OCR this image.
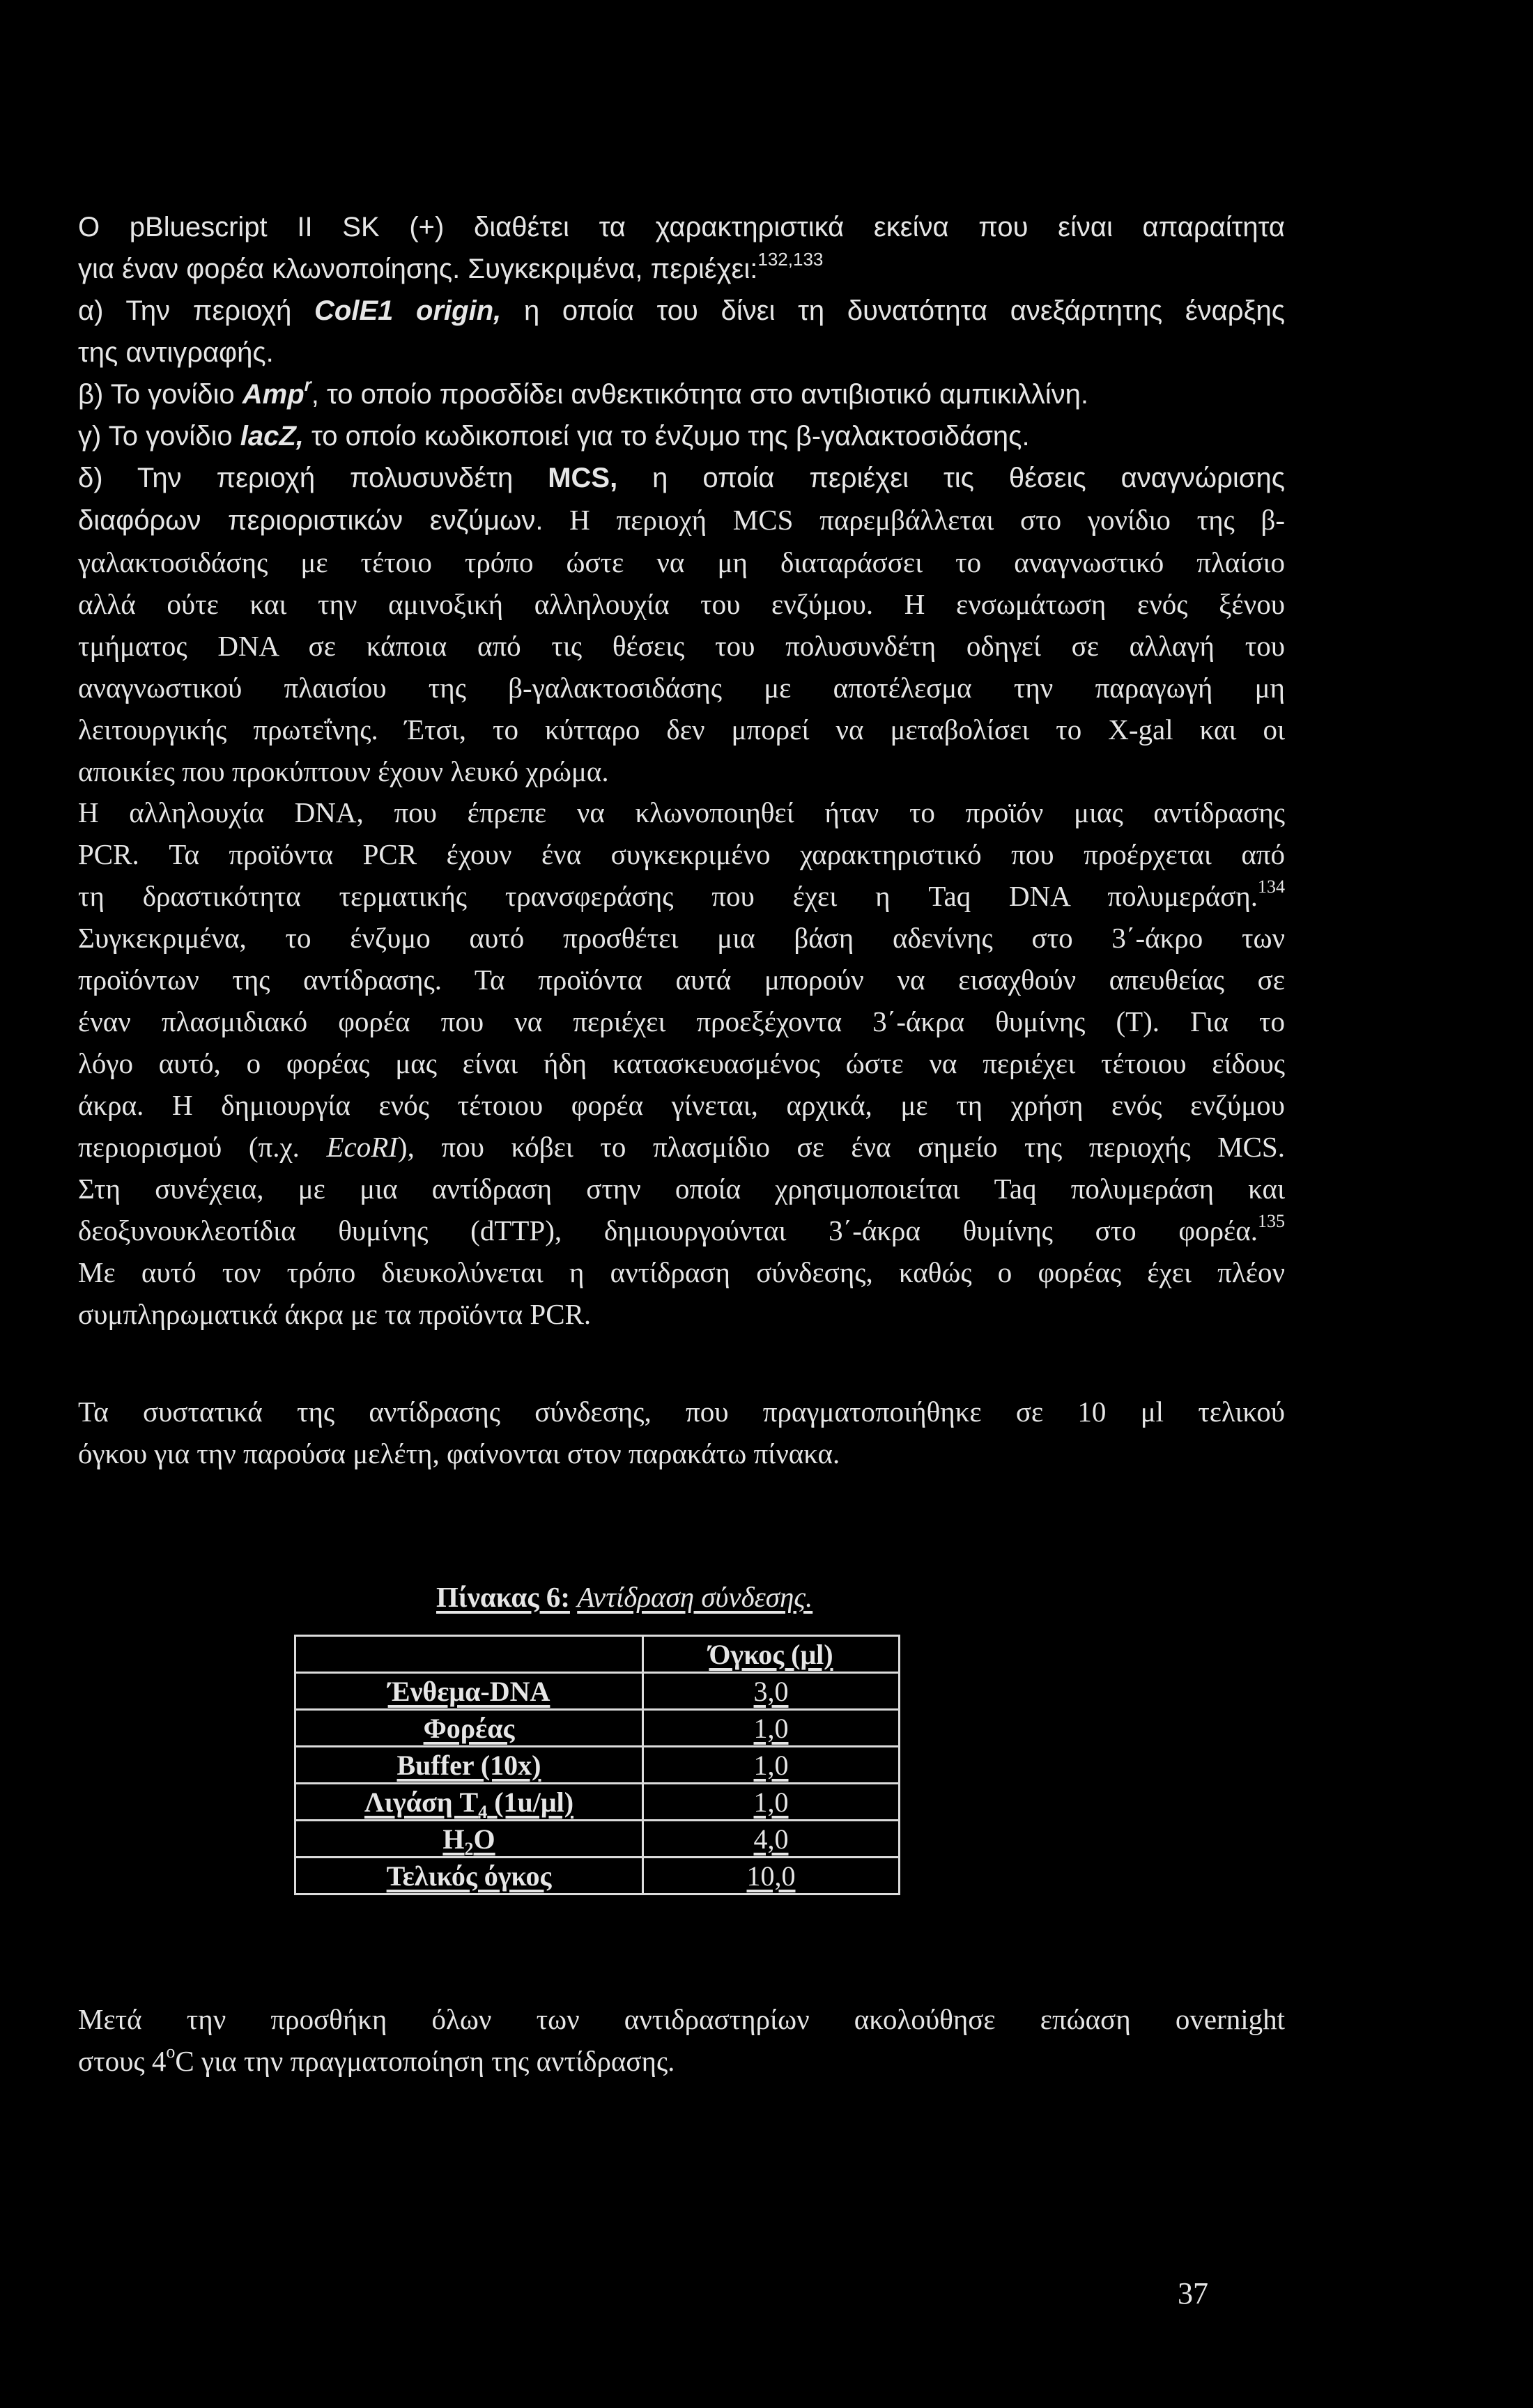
Ο pBluescript II SK (+) διαθέτει τα χαρακτηριστικά εκείνα που είναι απαραίτητα
για έναν φορέα κλωνοποίησης. Συγκεκριμένα, περιέχει:$^{132,133}$
α) Την περιοχή ColE1 origin, η οποία του δίνει τη δυνατότητα ανεξάρτητης έναρξης
της αντιγραφής.
β) Το γονίδιο Amp$^r$, το οποίο προσδίδει ανθεκτικότητα στο αντιβιοτικό αμπικιλλίνη.
γ) Το γονίδιο lacZ, το οποίο κωδικοποιεί για το ένζυμο της β-γαλακτοσιδάσης.
δ) Την περιοχή πολυσυνδέτη MCS, η οποία περιέχει τις θέσεις αναγνώρισης
διαφόρων περιοριστικών ενζύμων. Η περιοχή MCS παρεμβάλλεται στο γονίδιο της β-
γαλακτοσιδάσης με τέτοιο τρόπο ώστε να μη διαταράσσει το αναγνωστικό πλαίσιο
αλλά ούτε και την αμινοξική αλληλουχία του ενζύμου. Η ενσωμάτωση ενός ξένου
τμήματος DNA σε κάποια από τις θέσεις του πολυσυνδέτη οδηγεί σε αλλαγή του
αναγνωστικού πλαισίου της β-γαλακτοσιδάσης με αποτέλεσμα την παραγωγή μη
λειτουργικής πρωτεΐνης. Έτσι, το κύτταρο δεν μπορεί να μεταβολίσει το X-gal και οι
αποικίες που προκύπτουν έχουν λευκό χρώμα.
Η αλληλουχία DNA, που έπρεπε να κλωνοποιηθεί ήταν το προϊόν μιας αντίδρασης
PCR. Τα προϊόντα PCR έχουν ένα συγκεκριμένο χαρακτηριστικό που προέρχεται από
τη δραστικότητα τερματικής τρανσφεράσης που έχει η Taq DNA πολυμεράση.$^{134}$
Συγκεκριμένα, το ένζυμο αυτό προσθέτει μια βάση αδενίνης στο 3΄-άκρο των
προϊόντων της αντίδρασης. Τα προϊόντα αυτά μπορούν να εισαχθούν απευθείας σε
έναν πλασμιδιακό φορέα που να περιέχει προεξέχοντα 3΄-άκρα θυμίνης (Τ). Για το
λόγο αυτό, ο φορέας μας είναι ήδη κατασκευασμένος ώστε να περιέχει τέτοιου είδους
άκρα. Η δημιουργία ενός τέτοιου φορέα γίνεται, αρχικά, με τη χρήση ενός ενζύμου
περιορισμού (π.χ. EcoRI), που κόβει το πλασμίδιο σε ένα σημείο της περιοχής MCS.
Στη συνέχεια, με μια αντίδραση στην οποία χρησιμοποιείται Taq πολυμεράση και
δεοξυνουκλεοτίδια θυμίνης (dTTP), δημιουργούνται 3΄-άκρα θυμίνης στο φορέα.$^{135}$
Με αυτό τον τρόπο διευκολύνεται η αντίδραση σύνδεσης, καθώς ο φορέας έχει πλέον
συμπληρωματικά άκρα με τα προϊόντα PCR.
Τα συστατικά της αντίδρασης σύνδεσης, που πραγματοποιήθηκε σε 10 μl τελικού
όγκου για την παρούσα μελέτη, φαίνονται στον παρακάτω πίνακα.
Πίνακας 6: Αντίδραση σύνδεσης.
	Όγκος (μl)
Ένθεμα-DNA	3,0
Φορέας	1,0
Buffer (10x)	1,0
Λιγάση $T_4$ (1u/μl)	1,0
$H_2O$	4,0
Τελικός όγκος	10,0
Μετά την προσθήκη όλων των αντιδραστηρίων ακολούθησε επώαση overnight
στους 4$^o$C για την πραγματοποίηση της αντίδρασης.
37
